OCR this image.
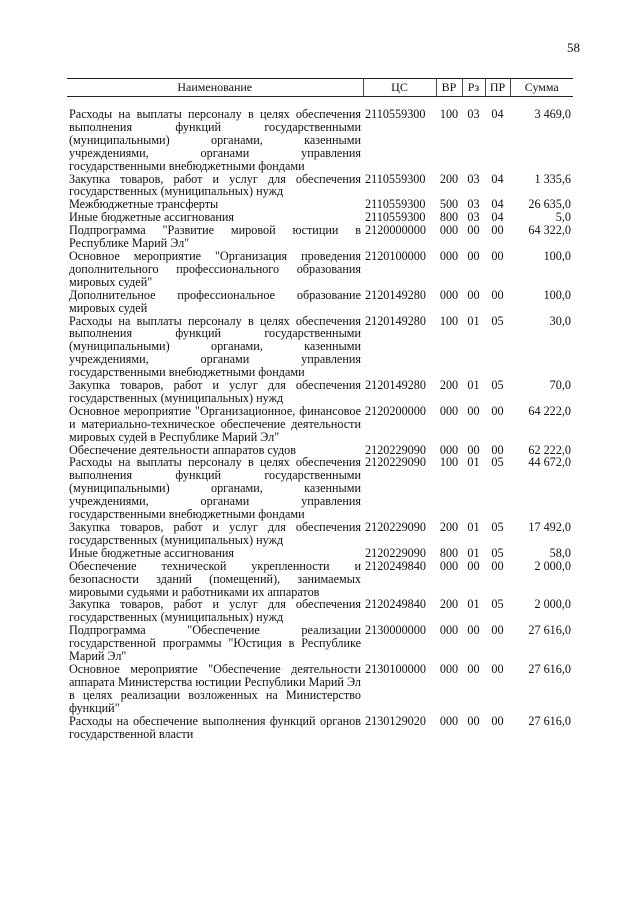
58
Наименование	ЦС	ВР	Рз	ПР	Сумма
Расходы на выплаты персоналу в целях обеспечения выполнения функций государственными (муниципальными) органами, казенными учреждениями, органами управления государственными внебюджетными фондами	2110559300	100	03	04	3 469,0
Закупка товаров, работ и услуг для обеспечения государственных (муниципальных) нужд	2110559300	200	03	04	1 335,6
Межбюджетные трансферты	2110559300	500	03	04	26 635,0
Иные бюджетные ассигнования	2110559300	800	03	04	5,0
Подпрограмма "Развитие мировой юстиции в Республике Марий Эл"	2120000000	000	00	00	64 322,0
Основное мероприятие "Организация проведения дополнительного профессионального образования мировых судей"	2120100000	000	00	00	100,0
Дополнительное профессиональное образование мировых судей	2120149280	000	00	00	100,0
Расходы на выплаты персоналу в целях обеспечения выполнения функций государственными (муниципальными) органами, казенными учреждениями, органами управления государственными внебюджетными фондами	2120149280	100	01	05	30,0
Закупка товаров, работ и услуг для обеспечения государственных (муниципальных) нужд	2120149280	200	01	05	70,0
Основное мероприятие "Организационное, финансовое и материально-техническое обеспечение деятельности мировых судей в Республике Марий Эл"	2120200000	000	00	00	64 222,0
Обеспечение деятельности аппаратов судов	2120229090	000	00	00	62 222,0
Расходы на выплаты персоналу в целях обеспечения выполнения функций государственными (муниципальными) органами, казенными учреждениями, органами управления государственными внебюджетными фондами	2120229090	100	01	05	44 672,0
Закупка товаров, работ и услуг для обеспечения государственных (муниципальных) нужд	2120229090	200	01	05	17 492,0
Иные бюджетные ассигнования	2120229090	800	01	05	58,0
Обеспечение технической укрепленности и безопасности зданий (помещений), занимаемых мировыми судьями и работниками их аппаратов	2120249840	000	00	00	2 000,0
Закупка товаров, работ и услуг для обеспечения государственных (муниципальных) нужд	2120249840	200	01	05	2 000,0
Подпрограмма "Обеспечение реализации государственной программы "Юстиция в Республике Марий Эл"	2130000000	000	00	00	27 616,0
Основное мероприятие "Обеспечение деятельности аппарата Министерства юстиции Республики Марий Эл в целях реализации возложенных на Министерство функций"	2130100000	000	00	00	27 616,0
Расходы на обеспечение выполнения функций органов государственной власти	2130129020	000	00	00	27 616,0
